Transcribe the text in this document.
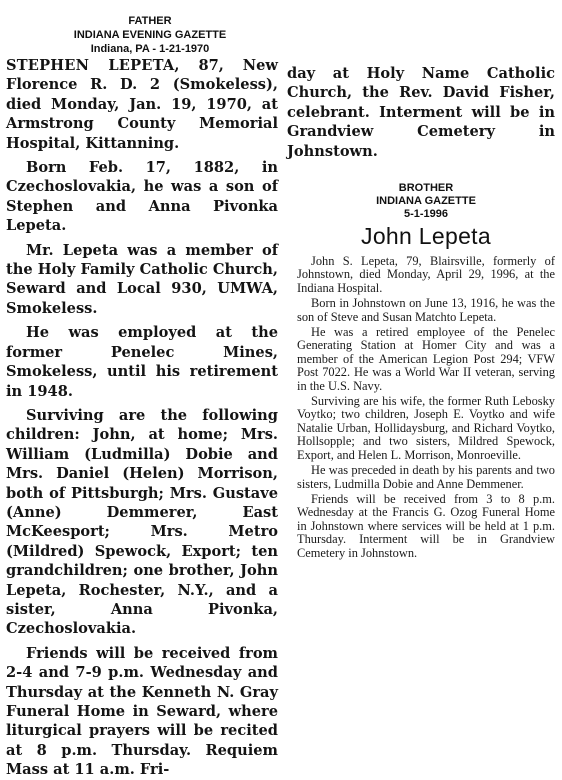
FATHER
INDIANA EVENING GAZETTE
Indiana, PA - 1-21-1970

STEPHEN LEPETA, 87, New Florence R. D. 2 (Smokeless), died Monday, Jan. 19, 1970, at Armstrong County Memorial Hospital, Kittanning.

Born Feb. 17, 1882, in Czechoslovakia, he was a son of Stephen and Anna Pivonka Lepeta.

Mr. Lepeta was a member of the Holy Family Catholic Church, Seward and Local 930, UMWA, Smokeless.

He was employed at the former Penelec Mines, Smokeless, until his retirement in 1948.

Surviving are the following children: John, at home; Mrs. William (Ludmilla) Dobie and Mrs. Daniel (Helen) Morrison, both of Pittsburgh; Mrs. Gustave (Anne) Demmerer, East McKeesport; Mrs. Metro (Mildred) Spewock, Export; ten grandchildren; one brother, John Lepeta, Rochester, N.Y., and a sister, Anna Pivonka, Czechoslovakia.

Friends will be received from 2-4 and 7-9 p.m. Wednesday and Thursday at the Kenneth N. Gray Funeral Home in Seward, where liturgical prayers will be recited at 8 p.m. Thursday. Requiem Mass at 11 a.m. Fri-

day at Holy Name Catholic Church, the Rev. David Fisher, celebrant. Interment will be in Grandview Cemetery in Johnstown.

BROTHER
INDIANA GAZETTE
5-1-1996
John Lepeta

John S. Lepeta, 79, Blairsville, formerly of Johnstown, died Monday, April 29, 1996, at the Indiana Hospital.

Born in Johnstown on June 13, 1916, he was the son of Steve and Susan Matchto Lepeta.

He was a retired employee of the Penelec Generating Station at Homer City and was a member of the American Legion Post 294; VFW Post 7022. He was a World War II veteran, serving in the U.S. Navy.

Surviving are his wife, the former Ruth Lebosky Voytko; two children, Joseph E. Voytko and wife Natalie Urban, Hollidaysburg, and Richard Voytko, Hollsopple; and two sisters, Mildred Spewock, Export, and Helen L. Morrison, Monroeville.

He was preceded in death by his parents and two sisters, Ludmilla Dobie and Anne Demmener.

Friends will be received from 3 to 8 p.m. Wednesday at the Francis G. Ozog Funeral Home in Johnstown where services will be held at 1 p.m. Thursday. Interment will be in Grandview Cemetery in Johnstown.
